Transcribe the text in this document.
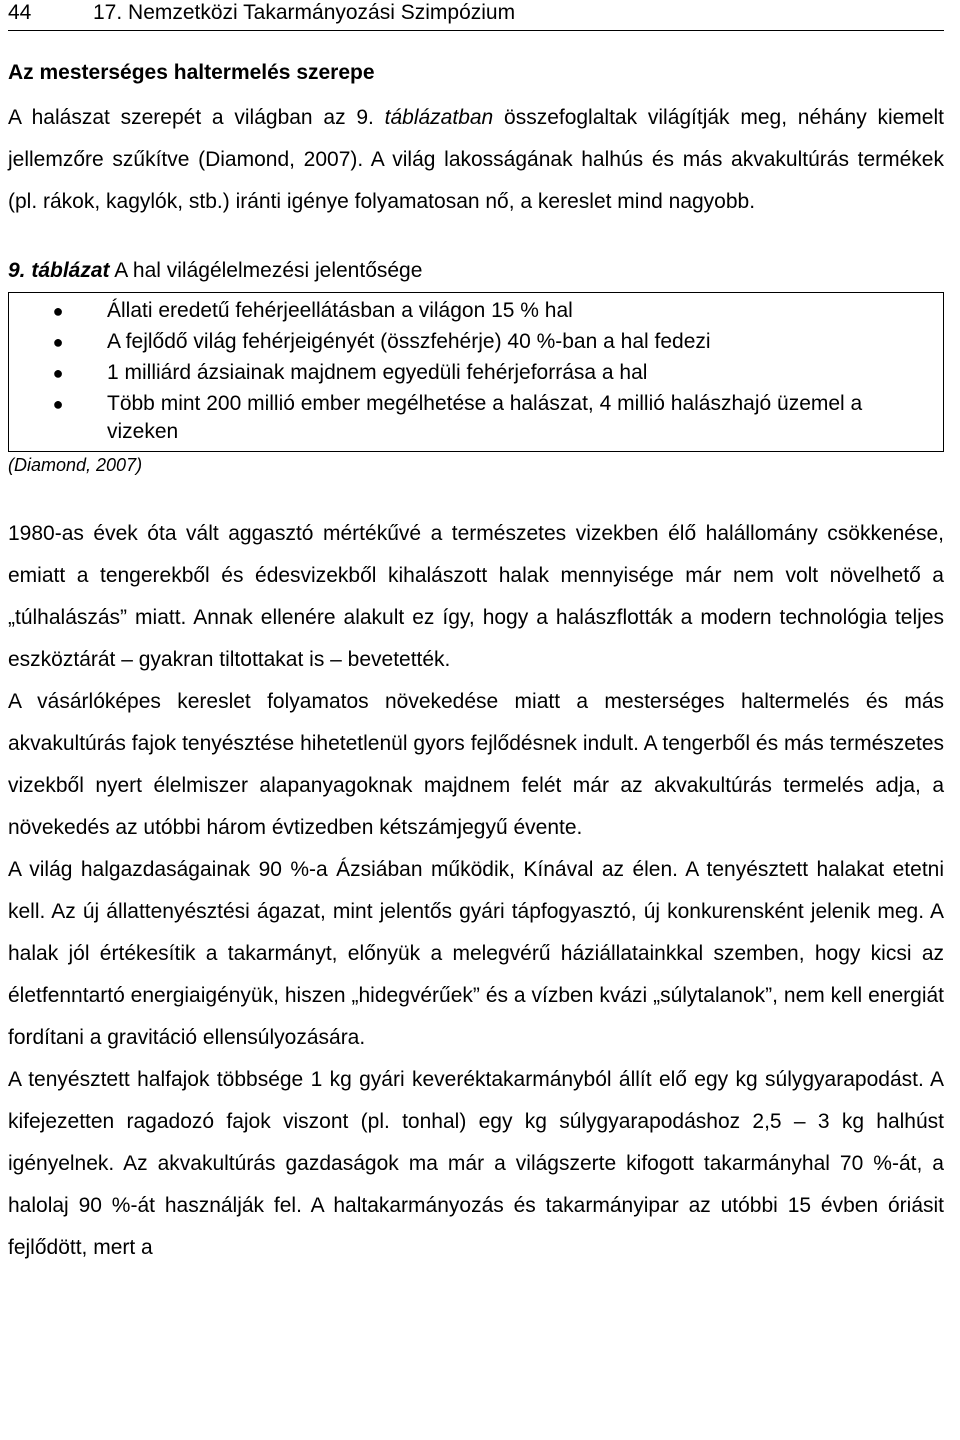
44	17. Nemzetközi Takarmányozási Szimpózium
Az mesterséges haltermelés szerepe

A halászat szerepét a világban az 9. táblázatban összefoglaltak világítják meg, néhány kiemelt jellemzőre szűkítve (Diamond, 2007). A világ lakosságának halhús és más akvakultúrás termékek (pl. rákok, kagylók, stb.) iránti igénye folyamatosan nő, a kereslet mind nagyobb.

9. táblázat A hal világélelmezési jelentősége
●	Állati eredetű fehérjeellátásban a világon 15 % hal
●	A fejlődő világ fehérjeigényét (összfehérje) 40 %-ban a hal fedezi
●	1 milliárd ázsiainak majdnem egyedüli fehérjeforrása a hal
●	Több mint 200 millió ember megélhetése a halászat, 4 millió halászhajó üzemel a vizeken
(Diamond, 2007)

1980-as évek óta vált aggasztó mértékűvé a természetes vizekben élő halállomány csökkenése, emiatt a tengerekből és édesvizekből kihalászott halak mennyisége már nem volt növelhető a „túlhalászás” miatt. Annak ellenére alakult ez így, hogy a halászflották a modern technológia teljes eszköztárát – gyakran tiltottakat is – bevetették.

A vásárlóképes kereslet folyamatos növekedése miatt a mesterséges haltermelés és más akvakultúrás fajok tenyésztése hihetetlenül gyors fejlődésnek indult. A tengerből és más természetes vizekből nyert élelmiszer alapanyagoknak majdnem felét már az akvakultúrás termelés adja, a növekedés az utóbbi három évtizedben kétszámjegyű évente.

A világ halgazdaságainak 90 %-a Ázsiában működik, Kínával az élen. A tenyésztett halakat etetni kell. Az új állattenyésztési ágazat, mint jelentős gyári tápfogyasztó, új konkurensként jelenik meg. A halak jól értékesítik a takarmányt, előnyük a melegvérű háziállatainkkal szemben, hogy kicsi az életfenntartó energiaigényük, hiszen „hidegvérűek” és a vízben kvázi „súlytalanok”, nem kell energiát fordítani a gravitáció ellensúlyozására.

A tenyésztett halfajok többsége 1 kg gyári keveréktakarmányból állít elő egy kg súlygyarapodást. A kifejezetten ragadozó fajok viszont (pl. tonhal) egy kg súlygyarapodáshoz 2,5 – 3 kg halhúst igényelnek. Az akvakultúrás gazdaságok ma már a világszerte kifogott takarmányhal 70 %-át, a halolaj 90 %-át használják fel. A haltakarmányozás és takarmányipar az utóbbi 15 évben óriásit fejlődött, mert a
